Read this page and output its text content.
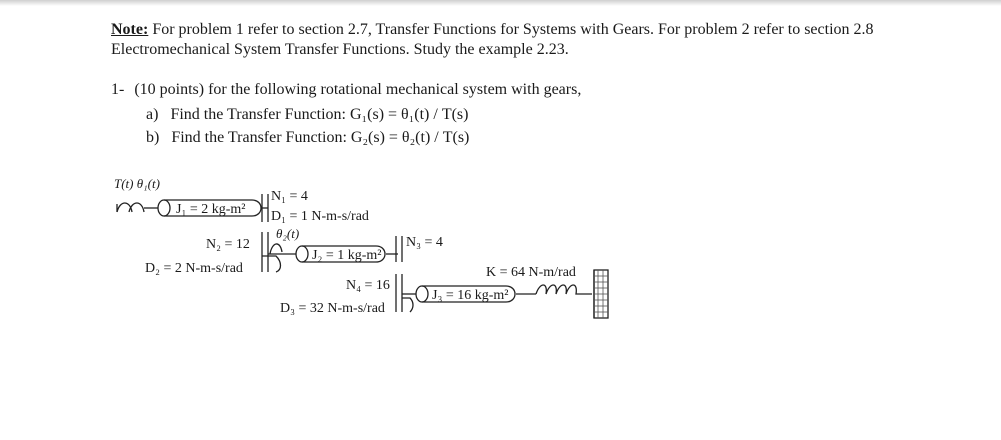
Note: For problem 1 refer to section 2.7, Transfer Functions for Systems with Gears. For problem 2 refer to section 2.8 Electromechanical System Transfer Functions. Study the example 2.23.
1- (10 points) for the following rotational mechanical system with gears,
a) Find the Transfer Function: G₁(s) = θ₁(t) / T(s)
b) Find the Transfer Function: G₂(s) = θ₂(t) / T(s)
T(t) θ₁(t)
J₁ = 2 kg-m²
N₁ = 4
D₁ = 1 N-m-s/rad
θ₂(t)
N₂ = 12
J₂ = 1 kg-m²
N₃ = 4
D₂ = 2 N-m-s/rad	K = 64 N-m/rad
N₄ = 16
J₃ = 16 kg-m²
D₃ = 32 N-m-s/rad
